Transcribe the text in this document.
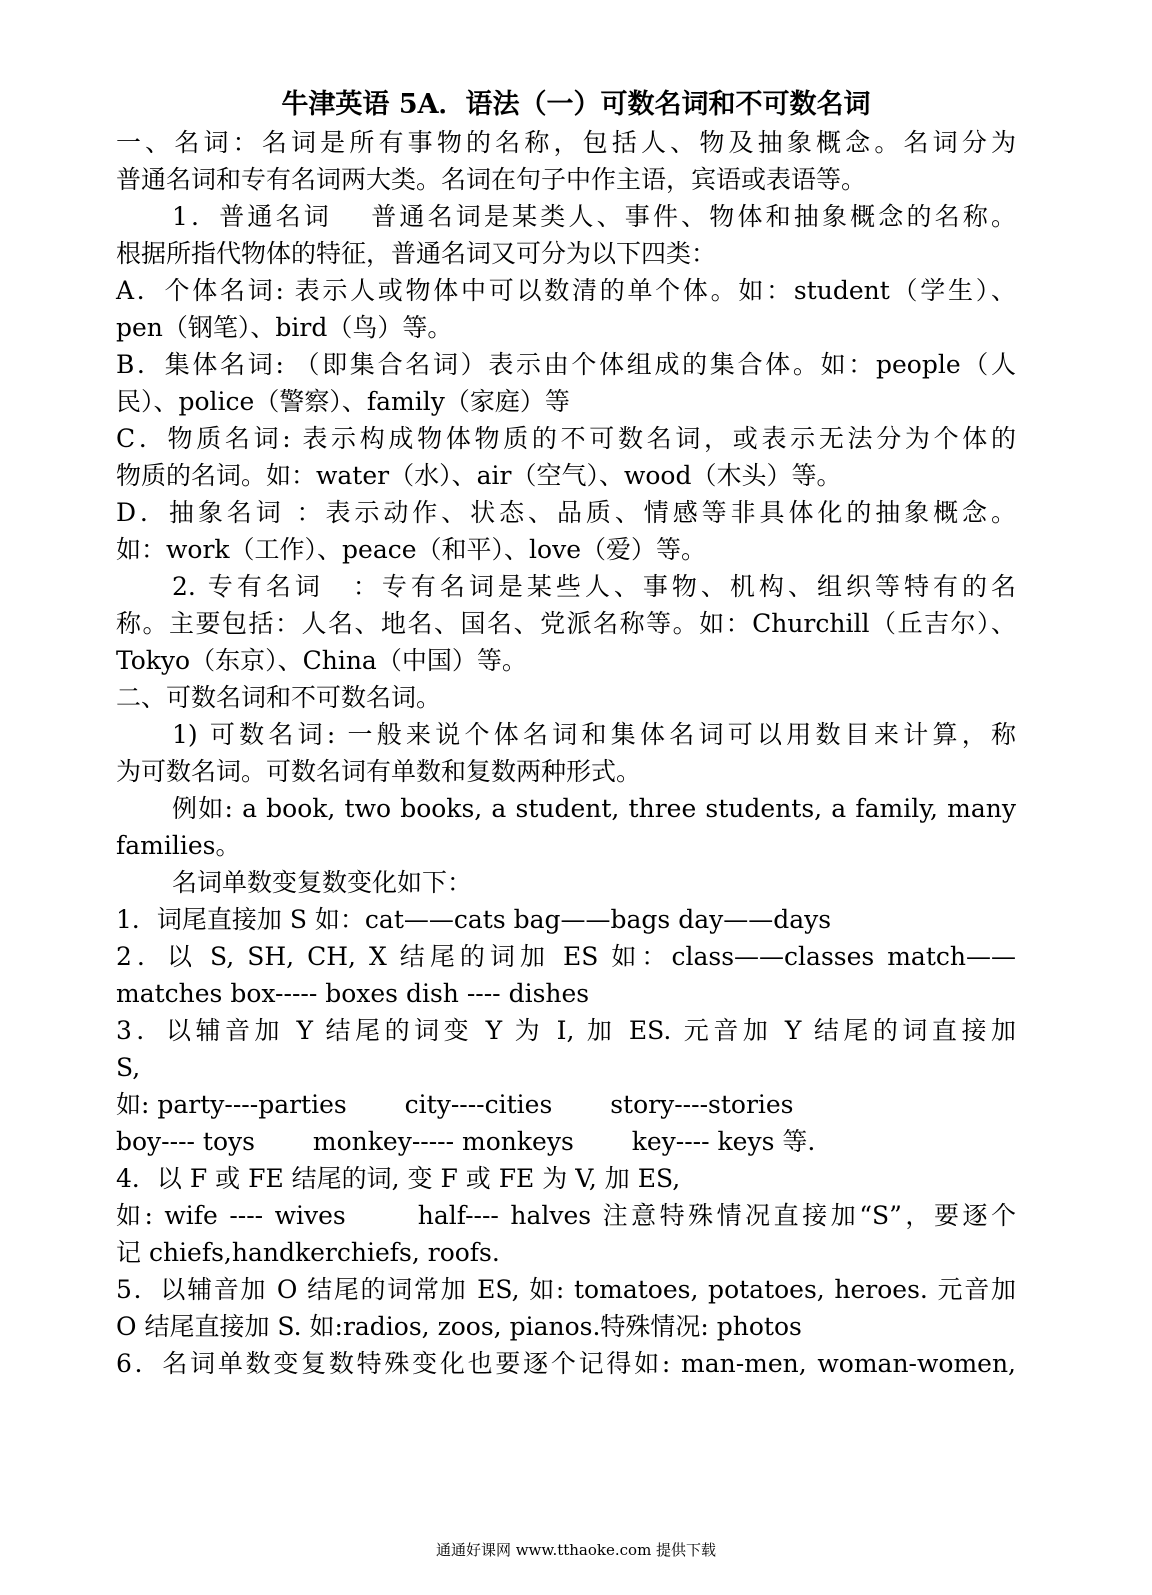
牛津英语 5A．语法（一）可数名词和不可数名词
一、名词：名词是所有事物的名称，包括人、物及抽象概念。名词分为
普通名词和专有名词两大类。名词在句子中作主语，宾语或表语等。
1．普通名词　 普通名词是某类人、事件、物体和抽象概念的名称。
根据所指代物体的特征，普通名词又可分为以下四类：
A．个体名词: 表示人或物体中可以数清的单个体。如：student（学生）、
pen（钢笔）、bird（鸟）等。
B．集体名词: （即集合名词）表示由个体组成的集合体。如：people（人
民）、police（警察）、family（家庭）等
C．物质名词: 表示构成物体物质的不可数名词，或表示无法分为个体的
物质的名词。如：water（水）、air（空气）、wood（木头）等。
D．抽象名词 ：表示动作、状态、品质、情感等非具体化的抽象概念。
如：work（工作）、peace（和平）、love（爱）等。
2. 专有名词　：专有名词是某些人、事物、机构、组织等特有的名
称。主要包括：人名、地名、国名、党派名称等。如：Churchill（丘吉尔）、
Tokyo（东京）、China（中国）等。
二、可数名词和不可数名词。
1) 可数名词: 一般来说个体名词和集体名词可以用数目来计算，称
为可数名词。可数名词有单数和复数两种形式。
例如: a book, two books, a student, three students, a family, many
families。
名词单数变复数变化如下：
1．词尾直接加 S 如：cat——cats bag——bags day——days
2．以 S, SH, CH, X 结尾的词加 ES 如：class——classes match——
matches box----- boxes dish ---- dishes
3．以辅音加 Y 结尾的词变 Y 为 I, 加 ES. 元音加 Y 结尾的词直接加
S,
如: party----parties　　 city----cities　　 story----stories
boy---- toys　　 monkey----- monkeys　　 key---- keys 等.
4．以 F 或 FE 结尾的词, 变 F 或 FE 为 V, 加 ES,
如: wife ---- wives　　 half---- halves 注意特殊情况直接加“S”，要逐个
记 chiefs,handkerchiefs, roofs.
5．以辅音加 O 结尾的词常加 ES, 如: tomatoes, potatoes, heroes. 元音加
O 结尾直接加 S. 如:radios, zoos, pianos.特殊情况: photos
6．名词单数变复数特殊变化也要逐个记得如: man-men, woman-women,
通通好课网 www.tthaoke.com 提供下载
